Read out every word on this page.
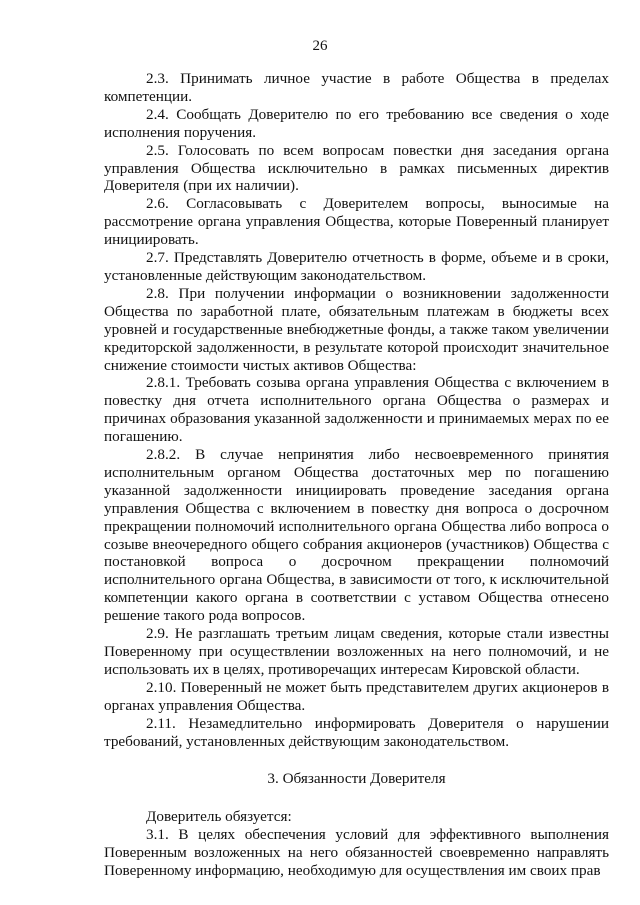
26

2.3. Принимать личное участие в работе Общества в пределах компетенции.

2.4. Сообщать Доверителю по его требованию все сведения о ходе исполнения поручения.

2.5. Голосовать по всем вопросам повестки дня заседания органа управления Общества исключительно в рамках письменных директив Доверителя (при их наличии).

2.6. Согласовывать с Доверителем вопросы, выносимые на рассмотрение органа управления Общества, которые Поверенный планирует инициировать.

2.7. Представлять Доверителю отчетность в форме, объеме и в сроки, установленные действующим законодательством.

2.8. При получении информации о возникновении задолженности Общества по заработной плате, обязательным платежам в бюджеты всех уровней и государственные внебюджетные фонды, а также таком увеличении кредиторской задолженности, в результате которой происходит значительное снижение стоимости чистых активов Общества:

2.8.1. Требовать созыва органа управления Общества с включением в повестку дня отчета исполнительного органа Общества о размерах и причинах образования указанной задолженности и принимаемых мерах по ее погашению.

2.8.2. В случае непринятия либо несвоевременного принятия исполнительным органом Общества достаточных мер по погашению указанной задолженности инициировать проведение заседания органа управления Общества с включением в повестку дня вопроса о досрочном прекращении полномочий исполнительного органа Общества либо вопроса о созыве внеочередного общего собрания акционеров (участников) Общества с постановкой вопроса о досрочном прекращении полномочий исполнительного органа Общества, в зависимости от того, к исключительной компетенции какого органа в соответствии с уставом Общества отнесено решение такого рода вопросов.

2.9. Не разглашать третьим лицам сведения, которые стали известны Поверенному при осуществлении возложенных на него полномочий, и не использовать их в целях, противоречащих интересам Кировской области.

2.10. Поверенный не может быть представителем других акционеров в органах управления Общества.

2.11. Незамедлительно информировать Доверителя о нарушении требований, установленных действующим законодательством.

3. Обязанности Доверителя

Доверитель обязуется:

3.1. В целях обеспечения условий для эффективного выполнения Поверенным возложенных на него обязанностей своевременно направлять Поверенному информацию, необходимую для осуществления им своих прав
